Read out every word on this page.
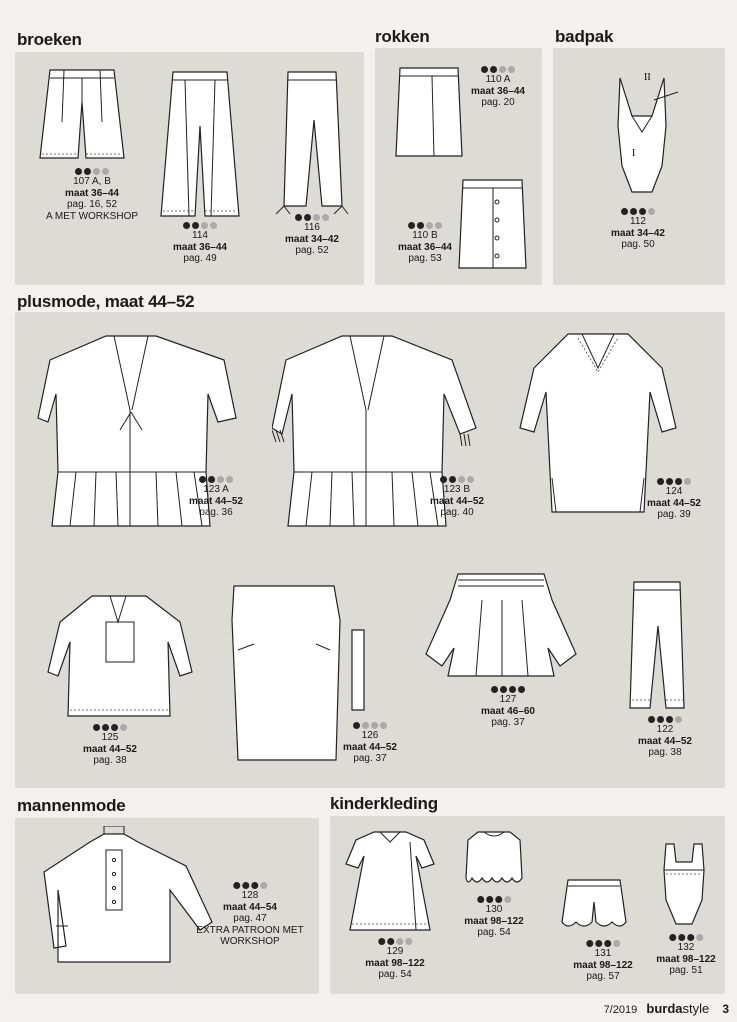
broeken	rokken	badpak
plusmode, maat 44–52
mannenmode	kinderkleding
107 A, B
maat 36–44
pag. 16, 52
A MET WORKSHOP
114
maat 36–44
pag. 49
116
maat 34–42
pag. 52
110 A
maat 36–44
pag. 20
110 B
maat 36–44
pag. 53
II
I
112
maat 34–42
pag. 50
123 A
maat 44–52
pag. 36
123 B
maat 44–52
pag. 40
124
maat 44–52
pag. 39
125
maat 44–52
pag. 38
126
maat 44–52
pag. 37
127
maat 46–60
pag. 37
122
maat 44–52
pag. 38
128
maat 44–54
pag. 47
EXTRA PATROON MET
WORKSHOP
129
maat 98–122
pag. 54
130
maat 98–122
pag. 54
131
maat 98–122
pag. 57
132
maat 98–122
pag. 51
7/2019 burdastyle 3
